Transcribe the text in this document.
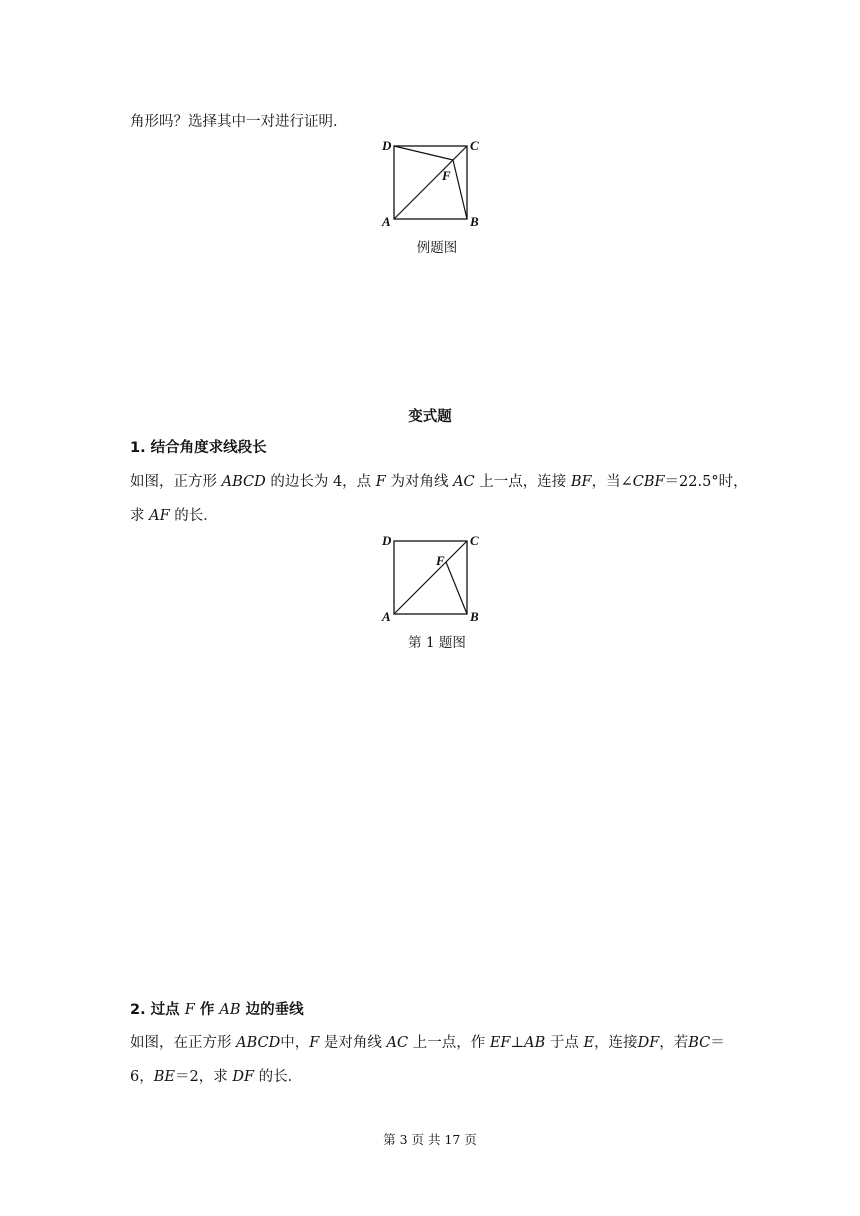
角形吗？选择其中一对进行证明．
D	C
F
A	B
例题图
变式题
1. 结合角度求线段长
如图，正方形 ABCD 的边长为 4，点 F 为对角线 AC 上一点，连接 BF，当∠CBF＝22.5°时，
求 AF 的长．
D	C
F
A	B
第 1 题图
2. 过点 F 作 AB 边的垂线
如图，在正方形 ABCD中，F 是对角线 AC 上一点，作 EF⊥AB 于点 E，连接DF，若BC＝
6，BE＝2，求 DF 的长．
第 3 页 共 17 页
